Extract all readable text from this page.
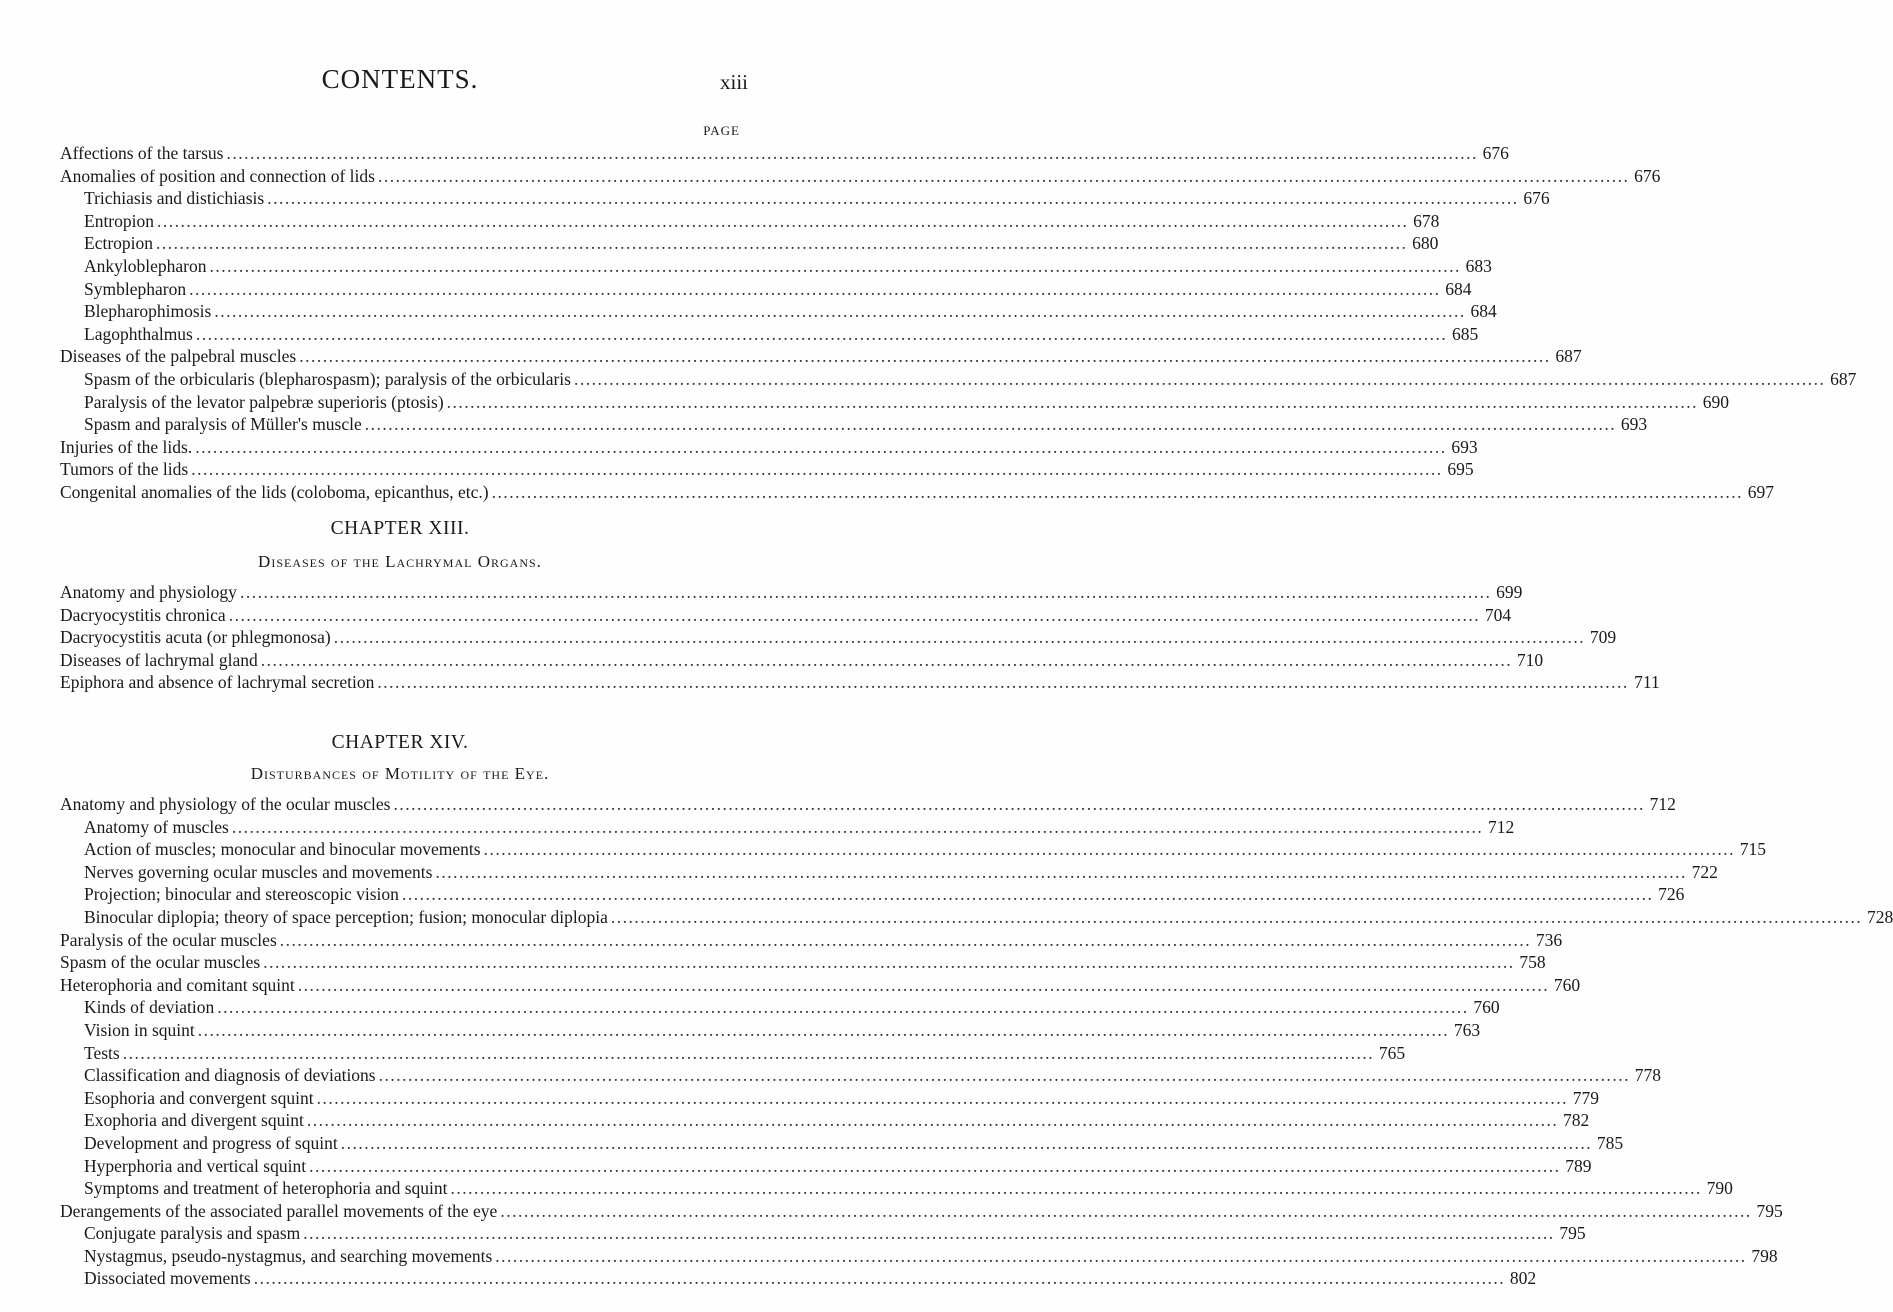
CONTENTS.	xiii
PAGE
Affections of the tarsus .....	676
Anomalies of position and connection of lids .....	676
Trichiasis and distichiasis .....	676
Entropion .....	678
Ectropion .....	680
Ankyloblepharon .....	683
Symblepharon .....	684
Blepharophimosis .....	684
Lagophthalmus .....	685
Diseases of the palpebral muscles .....	687
Spasm of the orbicularis (blepharospasm); paralysis of the orbicularis .....	687
Paralysis of the levator palpebræ superioris (ptosis) .....	690
Spasm and paralysis of Müller's muscle .....	693
Injuries of the lids. .....	693
Tumors of the lids .....	695
Congenital anomalies of the lids (coloboma, epicanthus, etc.) .....	697
CHAPTER XIII.
Diseases of the Lachrymal Organs.
Anatomy and physiology .....	699
Dacryocystitis chronica .....	704
Dacryocystitis acuta (or phlegmonosa) .....	709
Diseases of lachrymal gland .....	710
Epiphora and absence of lachrymal secretion .....	711
CHAPTER XIV.
Disturbances of Motility of the Eye.
Anatomy and physiology of the ocular muscles .....	712
Anatomy of muscles .....	712
Action of muscles; monocular and binocular movements .....	715
Nerves governing ocular muscles and movements .....	722
Projection; binocular and stereoscopic vision .....	726
Binocular diplopia; theory of space perception; fusion; monocular diplopia .....	728
Paralysis of the ocular muscles .....	736
Spasm of the ocular muscles .....	758
Heterophoria and comitant squint .....	760
Kinds of deviation .....	760
Vision in squint .....	763
Tests .....	765
Classification and diagnosis of deviations .....	778
Esophoria and convergent squint .....	779
Exophoria and divergent squint .....	782
Development and progress of squint .....	785
Hyperphoria and vertical squint .....	789
Symptoms and treatment of heterophoria and squint .....	790
Derangements of the associated parallel movements of the eye .....	795
Conjugate paralysis and spasm .....	795
Nystagmus, pseudo-nystagmus, and searching movements .....	798
Dissociated movements .....	802
